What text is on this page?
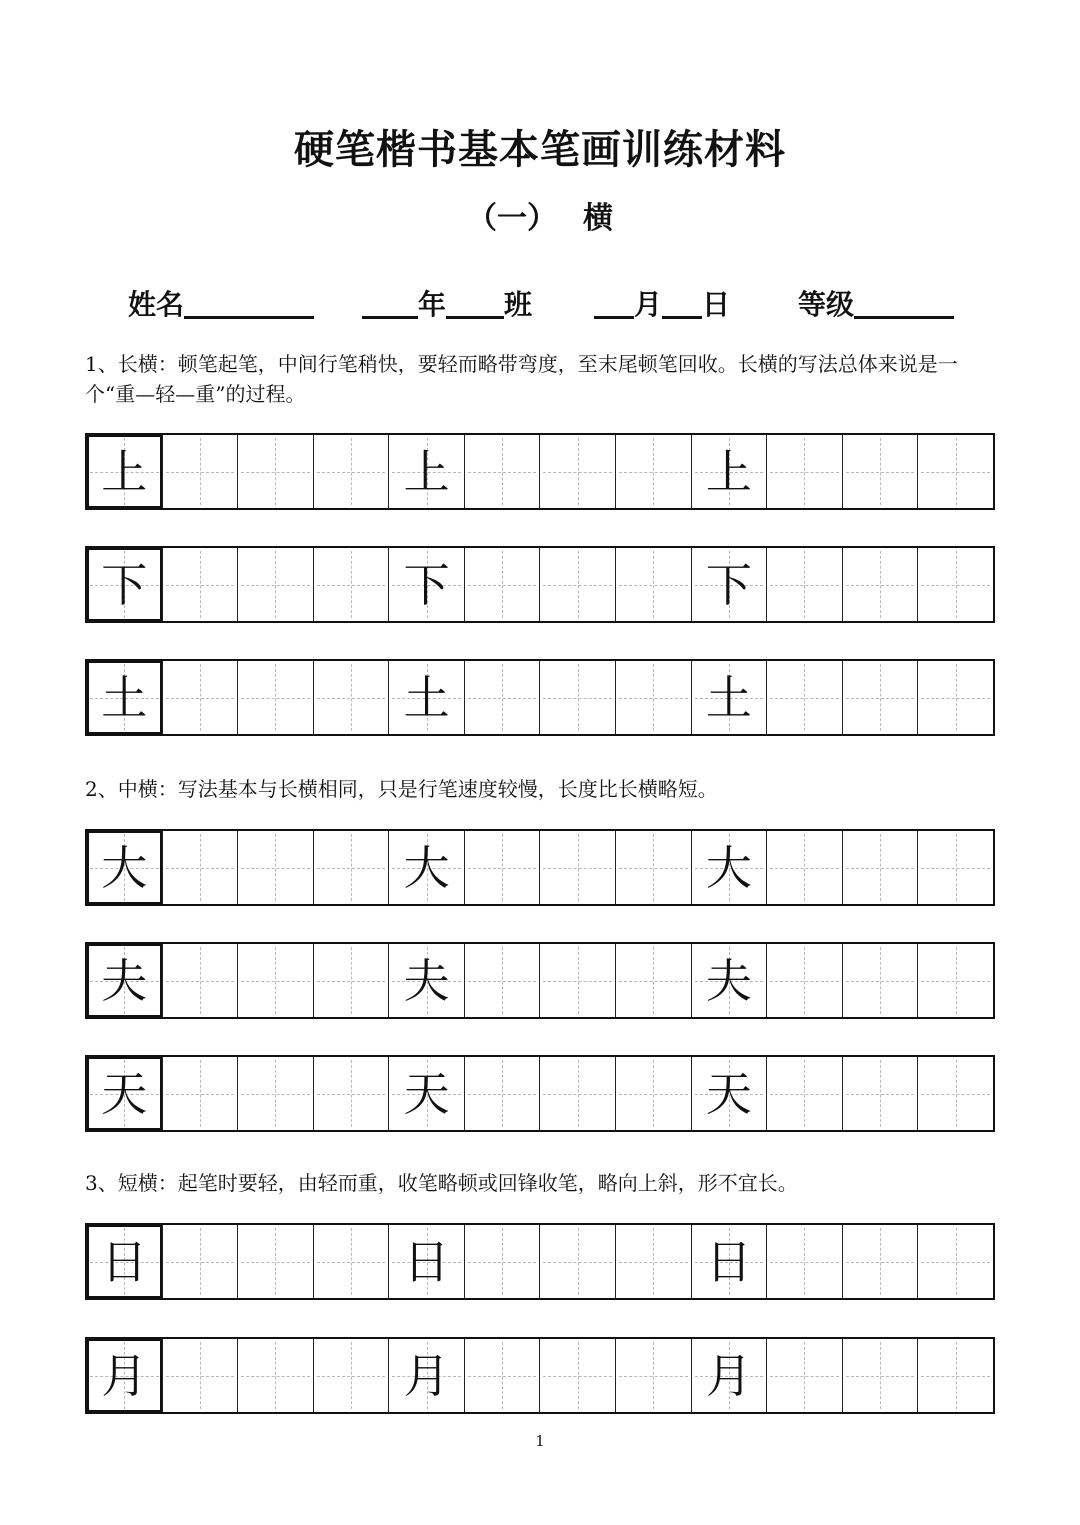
硬笔楷书基本笔画训练材料
（一） 横
姓名	年 班	月 日 等级
1、长横：顿笔起笔，中间行笔稍快，要轻而略带弯度，至末尾顿笔回收。长横的写法总体来说是一个“重—轻—重”的过程。
上	上	上
下	下	下
土	土	土
2、中横：写法基本与长横相同，只是行笔速度较慢，长度比长横略短。
大	大	大
夫	夫	夫
天	天	天
3、短横：起笔时要轻，由轻而重，收笔略顿或回锋收笔，略向上斜，形不宜长。
日	日	日
月	月	月
1
